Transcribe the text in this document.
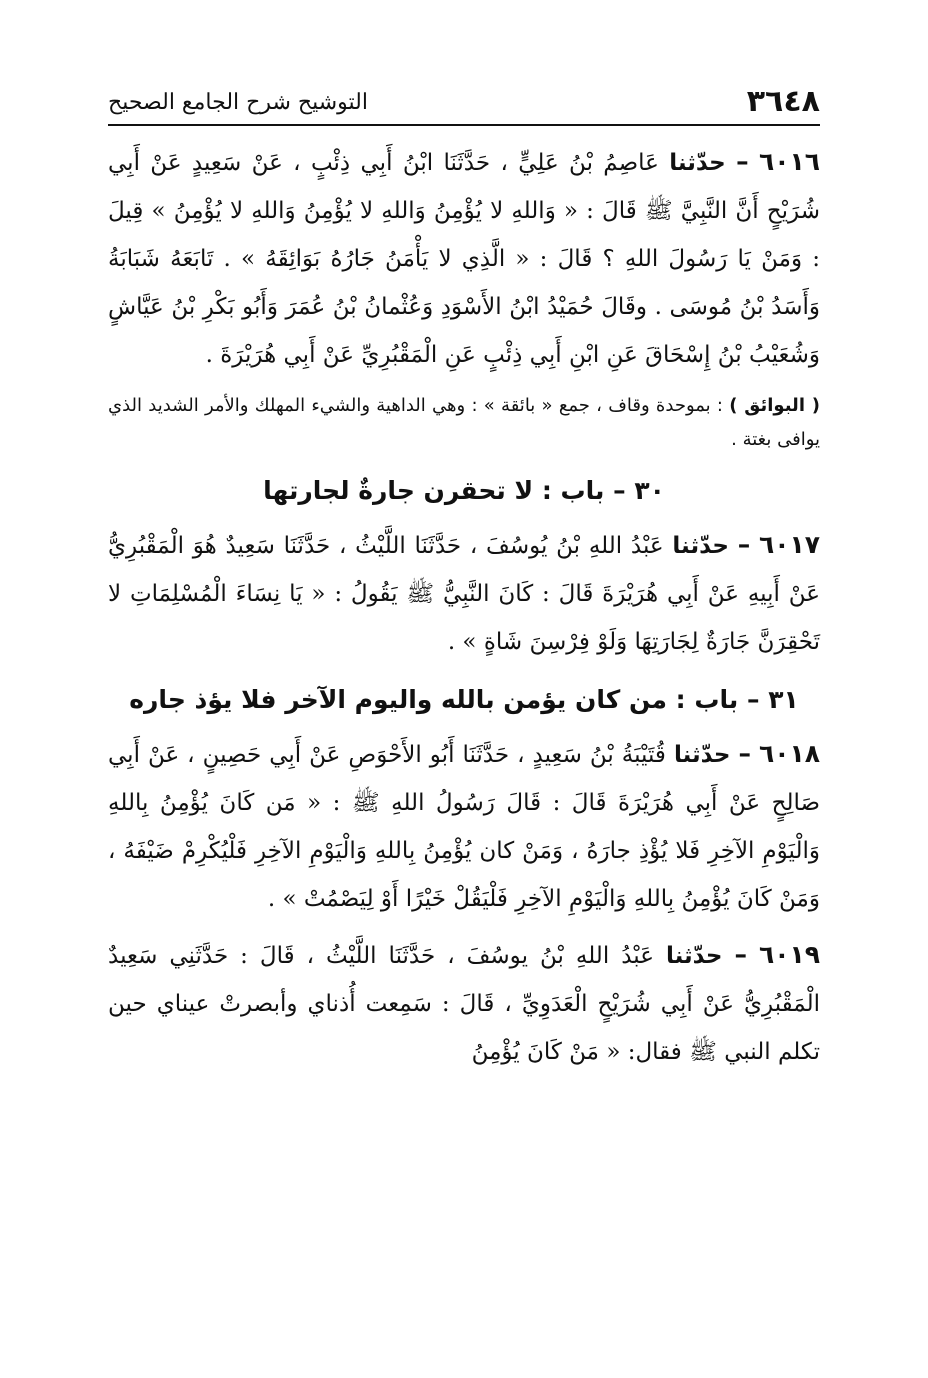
٣٦٤٨
التوشيح شرح الجامع الصحيح

٦٠١٦ – حدّثنا عَاصِمُ بْنُ عَلِيٍّ ، حَدَّثَنَا ابْنُ أَبِي ذِئْبٍ ، عَنْ سَعِيدٍ عَنْ أَبِي شُرَيْحٍ أَنَّ النَّبِيَّ ﷺ قَالَ : « وَاللهِ لا يُؤْمِنُ وَاللهِ لا يُؤْمِنُ وَاللهِ لا يُؤْمِنُ » قِيلَ : وَمَنْ يَا رَسُولَ اللهِ ؟ قَالَ : « الَّذِي لا يَأْمَنُ جَارُهُ بَوَائِقَهُ » . تَابَعَهُ شَبَابَةُ وَأَسَدُ بْنُ مُوسَى . وقَالَ حُمَيْدُ ابْنُ الأَسْوَدِ وَعُثْمانُ بْنُ عُمَرَ وَأَبُو بَكْرِ بْنُ عَيَّاشٍ وَشُعَيْبُ بْنُ إِسْحَاقَ عَنِ ابْنِ أَبِي ذِئْبٍ عَنِ الْمَقْبُرِيِّ عَنْ أَبِي هُرَيْرَةَ .

( البوائق ) : بموحدة وقاف ، جمع « بائقة » : وهي الداهية والشيء المهلك والأمر الشديد الذي يوافى بغتة .

٣٠ – باب : لا تحقرن جارةٌ لجارتها

٦٠١٧ – حدّثنا عَبْدُ اللهِ بْنُ يُوسُفَ ، حَدَّثَنَا اللَّيْثُ ، حَدَّثَنَا سَعِيدٌ هُوَ الْمَقْبُرِيُّ عَنْ أَبِيهِ عَنْ أَبِي هُرَيْرَةَ قَالَ : كَانَ النَّبِيُّ ﷺ يَقُولُ : « يَا نِسَاءَ الْمُسْلِمَاتِ لا تَحْقِرَنَّ جَارَةٌ لِجَارَتِهَا وَلَوْ فِرْسِنَ شَاةٍ » .

٣١ – باب : من كان يؤمن بالله واليوم الآخر فلا يؤذ جاره

٦٠١٨ – حدّثنا قُتَيْبَةُ بْنُ سَعِيدٍ ، حَدَّثَنَا أَبُو الأَحْوَصِ عَنْ أَبِي حَصِينٍ ، عَنْ أَبِي صَالِحٍ عَنْ أَبِي هُرَيْرَةَ قَالَ : قَالَ رَسُولُ اللهِ ﷺ : « مَن كَانَ يُؤْمِنُ بِاللهِ وَالْيَوْمِ الآخِرِ فَلا يُؤْذِ جارَهُ ، وَمَنْ كان يُؤْمِنُ بِاللهِ وَالْيَوْمِ الآخِرِ فَلْيُكْرِمْ ضَيْفَهُ ، وَمَنْ كَانَ يُؤْمِنُ بِاللهِ وَالْيَوْمِ الآخِرِ فَلْيَقُلْ خَيْرًا أَوْ لِيَصْمُتْ » .

٦٠١٩ – حدّثنا عَبْدُ اللهِ بْنُ يوسُفَ ، حَدَّثَنَا اللَّيْثُ ، قَالَ : حَدَّثَنِي سَعِيدٌ الْمَقْبُرِيُّ عَنْ أَبِي شُرَيْحٍ الْعَدَوِيِّ ، قَالَ : سَمِعت أُذناي وأبصرتْ عيناي حين تكلم النبي ﷺ فقال: « مَنْ كَانَ يُؤْمِنُ
